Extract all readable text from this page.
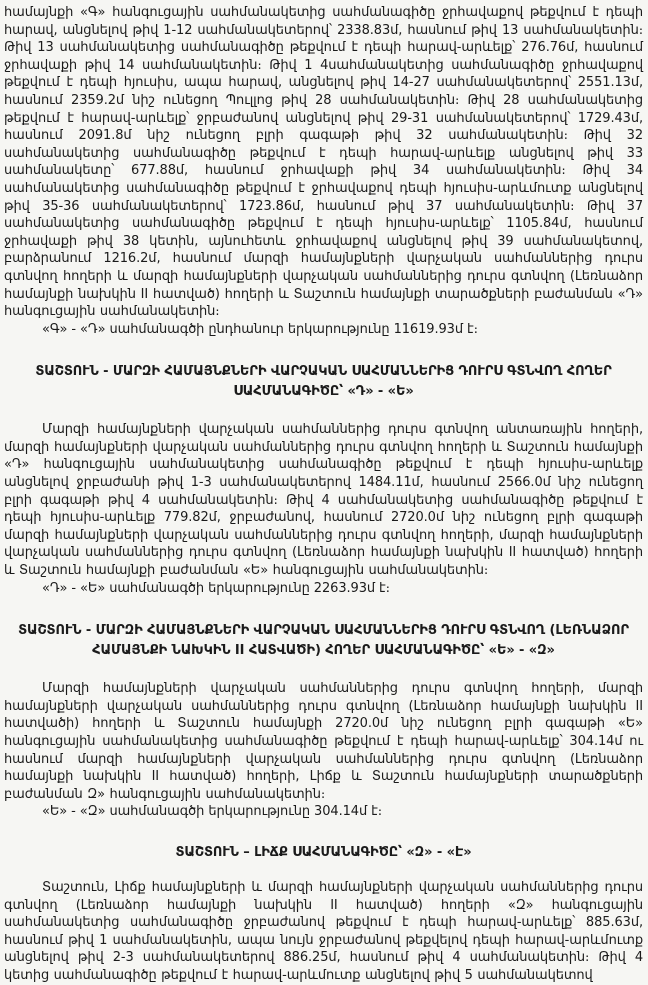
համայնքի «Գ» հանգուցային սահմանակետից սահմանագիծը ջրհավաքով թեքվում է դեպի հարավ, անցնելով թիվ 1-12 սահմանակետերով՝ 2338.83մ, հասնում թիվ 13 սահմանակետին։ Թիվ 13 սահմանակետից սահմանագիծը թեքվում է դեպի հարավ-արևելք՝ 276.76մ, հասնում ջրհավաքի թիվ 14 սահմանակետին։ Թիվ 1 4սահմանակետից սահմանագիծը ջրհավաքով թեքվում է դեպի հյուսիս, ապա հարավ, անցնելով թիվ 14-27 սահմանակետերով՝ 2551.13մ, հասնում 2359.2մ նիշ ունեցող Պուլլոց թիվ 28 սահմանակետին։ Թիվ 28 սահմանակետից թեքվում է հարավ-արևելք՝ ջրբաժանով անցնելով թիվ 29-31 սահմանակետերով՝ 1729.43մ, հասնում 2091.8մ նիշ ունեցող բլրի գագաթի թիվ 32 սահմանակետին։ Թիվ 32 սահմանակետից սահմանագիծը թեքվում է դեպի հարավ-արևելք անցնելով թիվ 33 սահմանակետը՝ 677.88մ, հասնում ջրհավաքի թիվ 34 սահմանակետին։ Թիվ 34 սահմանակետից սահմանագիծը թեքվում է ջրհավաքով դեպի հյուսիս-արևմուտք անցնելով թիվ 35-36 սահմանակետերով՝ 1723.86մ, հասնում թիվ 37 սահմանակետին։ Թիվ 37 սահմանակետից սահմանագիծը թեքվում է դեպի հյուսիս-արևելք՝ 1105.84մ, հասնում ջրհավաքի թիվ 38 կետին, այնուհետև ջրհավաքով անցնելով թիվ 39 սահմանակետով, բարձրանում 1216.2մ, հասնում մարզի համայնքների վարչական սահմաններից դուրս գտնվող հողերի և մարզի համայնքների վարչական սահմաններից դուրս գտնվող (Լեռնաձոր համայնքի նախկին II հատված) հողերի և Տաշտուն համայնքի տարածքների բաժանման «Դ» հանգուցային սահմանակետին։

«Գ» - «Դ» սահմանագծի ընդհանուր երկարությունը 11619.93մ է։

ՏԱՇՏՈՒՆ - ՄԱՐԶԻ ՀԱՄԱՅՆՔՆԵՐԻ ՎԱՐՉԱԿԱՆ ՍԱՀՄԱՆՆԵՐԻՑ ԴՈՒՐՍ ԳՏՆՎՈՂ ՀՈՂԵՐ ՍԱՀՄԱՆԱԳԻԾԸ՝ «Դ» - «Ե»

Մարզի համայնքների վարչական սահմաններից դուրս գտնվող անտառային հողերի, մարզի համայնքների վարչական սահմաններից դուրս գտնվող հողերի և Տաշտուն համայնքի «Դ» հանգուցային սահմանակետից սահմանագիծը թեքվում է դեպի հյուսիս-արևելք անցնելով ջրբաժանի թիվ 1-3 սահմանակետերով 1484.11մ, հասնում 2566.0մ նիշ ունեցող բլրի գագաթի թիվ 4 սահմանակետին։ Թիվ 4 սահմանակետից սահմանագիծը թեքվում է դեպի հյուսիս-արևելք 779.82մ, ջրբաժանով, հասնում 2720.0մ նիշ ունեցող բլրի գագաթի մարզի համայնքների վարչական սահմաններից դուրս գտնվող հողերի, մարզի համայնքների վարչական սահմաններից դուրս գտնվող (Լեռնաձոր համայնքի նախկին II հատված) հողերի և Տաշտուն համայնքի բաժանման «Ե» հանգուցային սահմանակետին։

«Դ» - «Ե» սահմանագծի երկարությունը 2263.93մ է։

ՏԱՇՏՈՒՆ - ՄԱՐԶԻ ՀԱՄԱՅՆՔՆԵՐԻ ՎԱՐՉԱԿԱՆ ՍԱՀՄԱՆՆԵՐԻՑ ԴՈՒՐՍ ԳՏՆՎՈՂ (ԼԵՌՆԱՁՈՐ ՀԱՄԱՅՆՔԻ ՆԱԽԿԻՆ II ՀԱՏՎԱԾԻ) ՀՈՂԵՐ ՍԱՀՄԱՆԱԳԻԾԸ՝ «Ե» - «Զ»

Մարզի համայնքների վարչական սահմաններից դուրս գտնվող հողերի, մարզի համայնքների վարչական սահմաններից դուրս գտնվող (Լեռնաձոր համայնքի նախկին II հատվածի) հողերի և Տաշտուն համայնքի 2720.0մ նիշ ունեցող բլրի գագաթի «Ե» հանգուցային սահմանակետից սահմանագիծը թեքվում է դեպի հարավ-արևելք՝ 304.14մ ու հասնում մարզի համայնքների վարչական սահմաններից դուրս գտնվող (Լեռնաձոր համայնքի նախկին II հատված) հողերի, Լիճք և Տաշտուն համայնքների տարածքների բաժանման Զ» հանգուցային սահմանակետին։

«Ե» - «Զ» սահմանագծի երկարությունը 304.14մ է։

ՏԱՇՏՈՒՆ – ԼԻՃՔ ՍԱՀՄԱՆԱԳԻԾԸ՝ «Զ» - «Է»

Տաշտուն, Լիճք համայնքների և մարզի համայնքների վարչական սահմաններից դուրս գտնվող (Լեռնաձոր համայնքի նախկին II հատված) հողերի «Զ» հանգուցային սահմանակետից սահմանագիծը ջրբաժանով թեքվում է դեպի հարավ-արևելք՝ 885.63մ, հասնում թիվ 1 սահմանակետին, ապա նույն ջրբաժանով թեքվելով դեպի հարավ-արևմուտք անցնելով թիվ 2-3 սահմանակետերով 886.25մ, հասնում թիվ 4 սահմանակետին։ Թիվ 4 կետից սահմանագիծը թեքվում է հարավ-արևմուտք անցնելով թիվ 5 սահմանակետով
